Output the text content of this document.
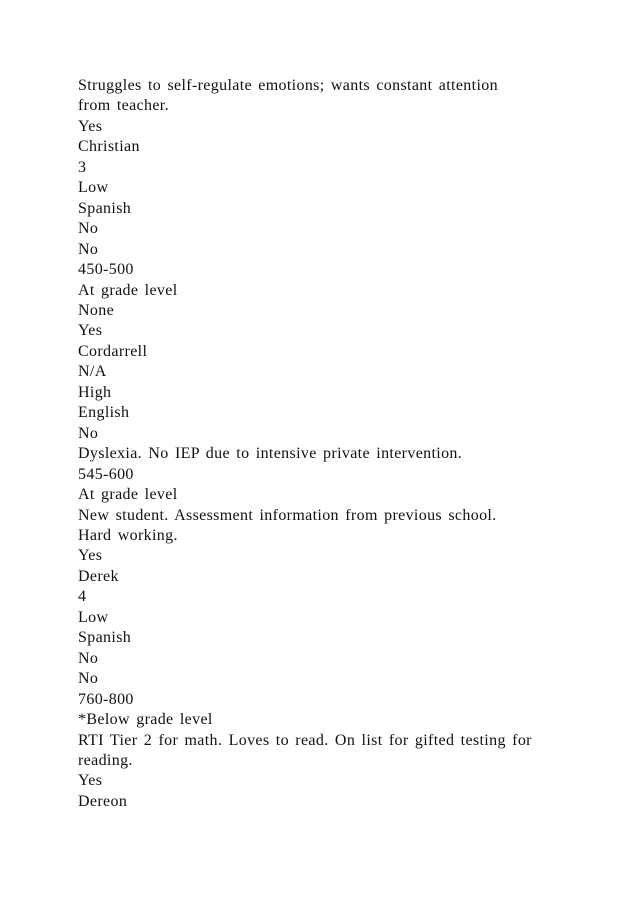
Struggles to self-regulate emotions; wants constant attention
from teacher.
Yes
Christian
3
Low
Spanish
No
No
450-500
At grade level
None
Yes
Cordarrell
N/A
High
English
No
Dyslexia. No IEP due to intensive private intervention.
545-600
At grade level
New student. Assessment information from previous school.
Hard working.
Yes
Derek
4
Low
Spanish
No
No
760-800
*Below grade level
RTI Tier 2 for math. Loves to read. On list for gifted testing for
reading.
Yes
Dereon
